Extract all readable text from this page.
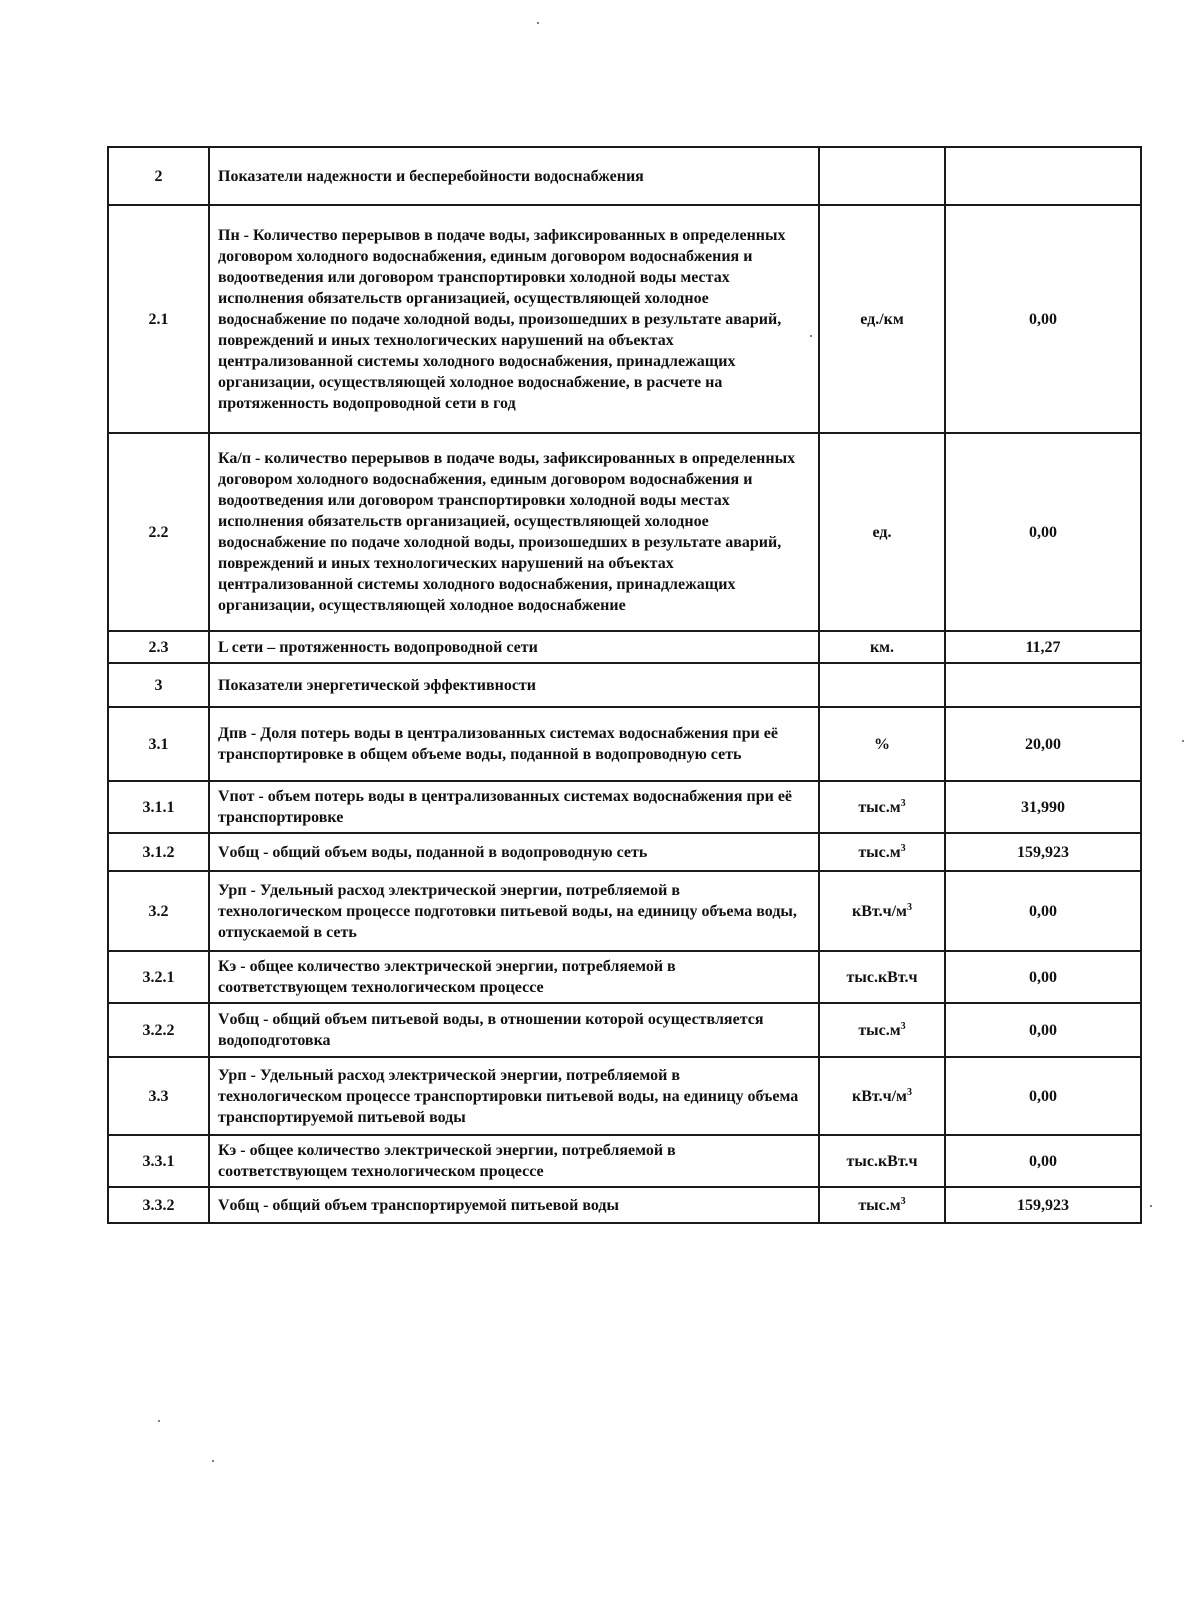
2	Показатели надежности и бесперебойности водоснабжения		
2.1	Пн - Количество перерывов в подаче воды, зафиксированных в определенных договором холодного водоснабжения, единым договором водоснабжения и водоотведения или договором транспортировки холодной воды местах исполнения обязательств организацией, осуществляющей холодное водоснабжение по подаче холодной воды, произошедших в результате аварий, повреждений и иных технологических нарушений на объектах централизованной системы холодного водоснабжения, принадлежащих организации, осуществляющей холодное водоснабжение, в расчете на протяженность водопроводной сети в год	ед./км	0,00
2.2	Ка/п - количество перерывов в подаче воды, зафиксированных в определенных договором холодного водоснабжения, единым договором водоснабжения и водоотведения или договором транспортировки холодной воды местах исполнения обязательств организацией, осуществляющей холодное водоснабжение по подаче холодной воды, произошедших в результате аварий, повреждений и иных технологических нарушений на объектах централизованной системы холодного водоснабжения, принадлежащих организации, осуществляющей холодное водоснабжение	ед.	0,00
2.3	L сети – протяженность водопроводной сети	км.	11,27
3	Показатели энергетической эффективности		
3.1	Дпв - Доля потерь воды в централизованных системах водоснабжения при её транспортировке в общем объеме воды, поданной в водопроводную сеть	%	20,00
3.1.1	Vпот - объем потерь воды в централизованных системах водоснабжения при её транспортировке	$тыс.м^3$	31,990
3.1.2	Vобщ - общий объем воды, поданной в водопроводную сеть	$тыс.м^3$	159,923
3.2	Урп - Удельный расход электрической энергии, потребляемой в технологическом процессе подготовки питьевой воды, на единицу объема воды, отпускаемой в сеть	$кВт.ч/м^3$	0,00
3.2.1	Кэ - общее количество электрической энергии, потребляемой в соответствующем технологическом процессе	тыс.кВт.ч	0,00
3.2.2	Vобщ - общий объем питьевой воды, в отношении которой осуществляется водоподготовка	$тыс.м^3$	0,00
3.3	Урп - Удельный расход электрической энергии, потребляемой в технологическом процессе транспортировки питьевой воды, на единицу объема транспортируемой питьевой воды	$кВт.ч/м^3$	0,00
3.3.1	Кэ - общее количество электрической энергии, потребляемой в соответствующем технологическом процессе	тыс.кВт.ч	0,00
3.3.2	Vобщ - общий объем транспортируемой питьевой воды	$тыс.м^3$	159,923
